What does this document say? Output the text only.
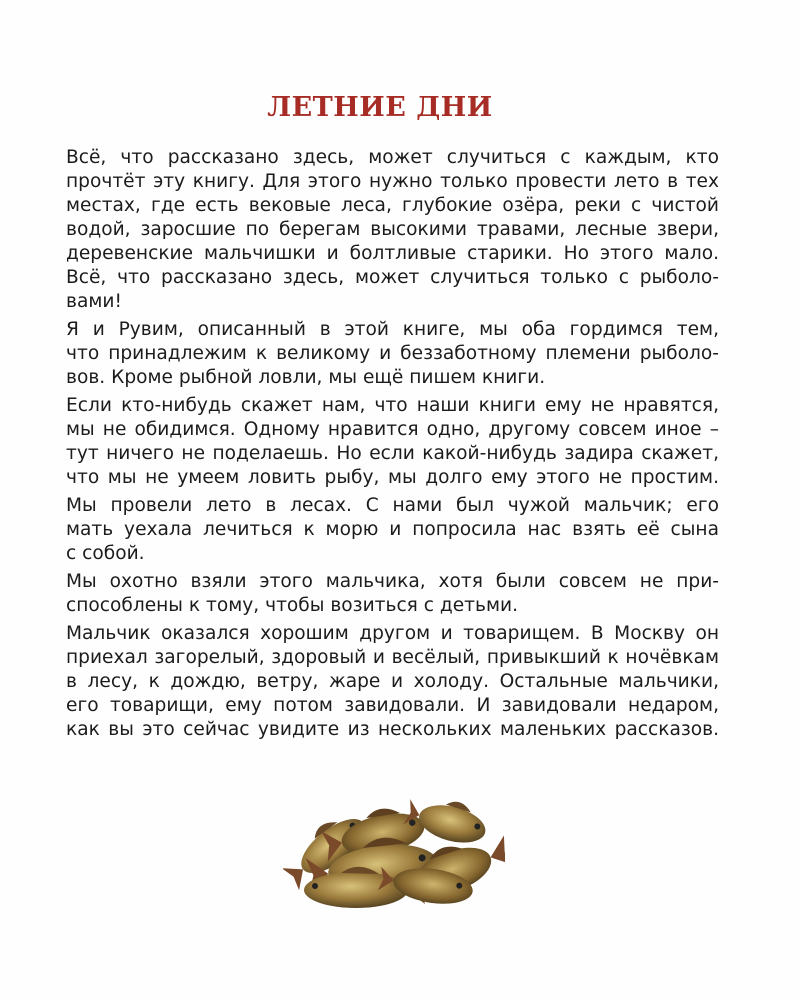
ЛЕТНИЕ ДНИ
Всё, что рассказано здесь, может случиться с каждым, кто
прочтёт эту книгу. Для этого нужно только провести лето в тех
местах, где есть вековые леса, глубокие озёра, реки с чистой
водой, заросшие по берегам высокими травами, лесные звери,
деревенские мальчишки и болтливые старики. Но этого мало.
Всё, что рассказано здесь, может случиться только с рыболо-
вами!
Я и Рувим, описанный в этой книге, мы оба гордимся тем,
что принадлежим к великому и беззаботному племени рыболо-
вов. Кроме рыбной ловли, мы ещё пишем книги.
Если кто-нибудь скажет нам, что наши книги ему не нравятся,
мы не обидимся. Одному нравится одно, другому совсем иное –
тут ничего не поделаешь. Но если какой-нибудь задира скажет,
что мы не умеем ловить рыбу, мы долго ему этого не простим.
Мы провели лето в лесах. С нами был чужой мальчик; его
мать уехала лечиться к морю и попросила нас взять её сына
с собой.
Мы охотно взяли этого мальчика, хотя были совсем не при-
способлены к тому, чтобы возиться с детьми.
Мальчик оказался хорошим другом и товарищем. В Москву он
приехал загорелый, здоровый и весёлый, привыкший к ночёвкам
в лесу, к дождю, ветру, жаре и холоду. Остальные мальчики,
его товарищи, ему потом завидовали. И завидовали недаром,
как вы это сейчас увидите из нескольких маленьких рассказов.
